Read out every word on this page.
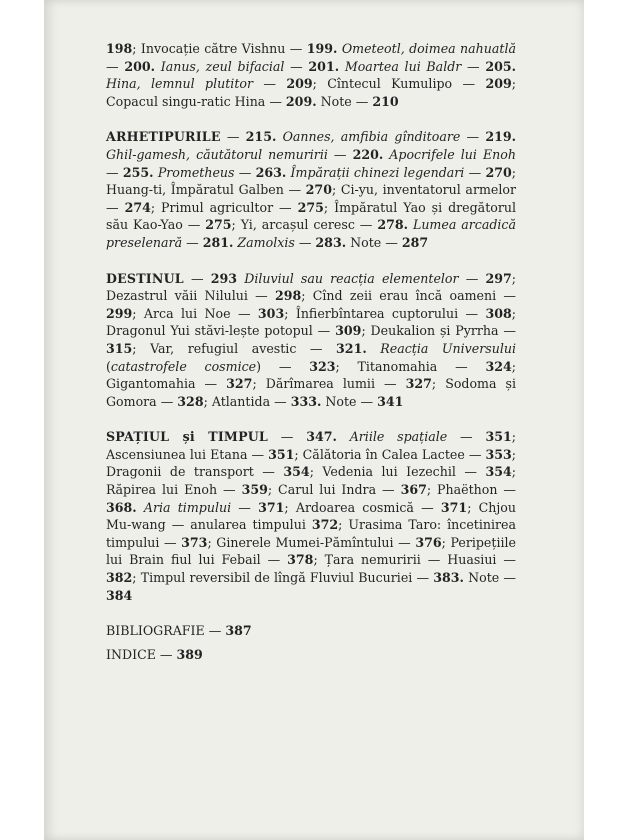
198; Invocație către Vishnu — 199. Ometeotl, doimea nahuatlă — 200. Ianus, zeul bifacial — 201. Moartea lui Baldr — 205. Hina, lemnul plutitor — 209; Cîntecul Kumulipo — 209; Copacul singu-ratic Hina — 209. Note — 210

ARHETIPURILE — 215. Oannes, amfibia gînditoare — 219. Ghil-gamesh, căutătorul nemuririi — 220. Apocrifele lui Enoh — 255. Prometheus — 263. Împărații chinezi legendari — 270; Huang-ti, Împăratul Galben — 270; Ci-yu, inventatorul armelor — 274; Primul agricultor — 275; Împăratul Yao și dregătorul său Kao-Yao — 275; Yi, arcașul ceresc — 278. Lumea arcadică preselenară — 281. Zamolxis — 283. Note — 287

DESTINUL — 293 Diluviul sau reacția elementelor — 297; Dezastrul văii Nilului — 298; Cînd zeii erau încă oameni — 299; Arca lui Noe — 303; Înfierbîntarea cuptorului — 308; Dragonul Yui stăvi-lește potopul — 309; Deukalion și Pyrrha — 315; Var, refugiul avestic — 321. Reacția Universului (catastrofele cosmice) — 323; Titanomahia — 324; Gigantomahia — 327; Dărîmarea lumii — 327; Sodoma și Gomora — 328; Atlantida — 333. Note — 341

SPAȚIUL și TIMPUL — 347. Ariile spațiale — 351; Ascensiunea lui Etana — 351; Călătoria în Calea Lactee — 353; Dragonii de transport — 354; Vedenia lui Iezechil — 354; Răpirea lui Enoh — 359; Carul lui Indra — 367; Phaëthon — 368. Aria timpului — 371; Ardoarea cosmică — 371; Chjou Mu-wang — anularea timpului 372; Urasima Taro: încetinirea timpului — 373; Ginerele Mumei-Pămîntului — 376; Peripețiile lui Brain fiul lui Febail — 378; Țara nemuririi — Huasiui — 382; Timpul reversibil de lîngă Fluviul Bucuriei — 383. Note — 384

BIBLIOGRAFIE — 387

INDICE — 389
